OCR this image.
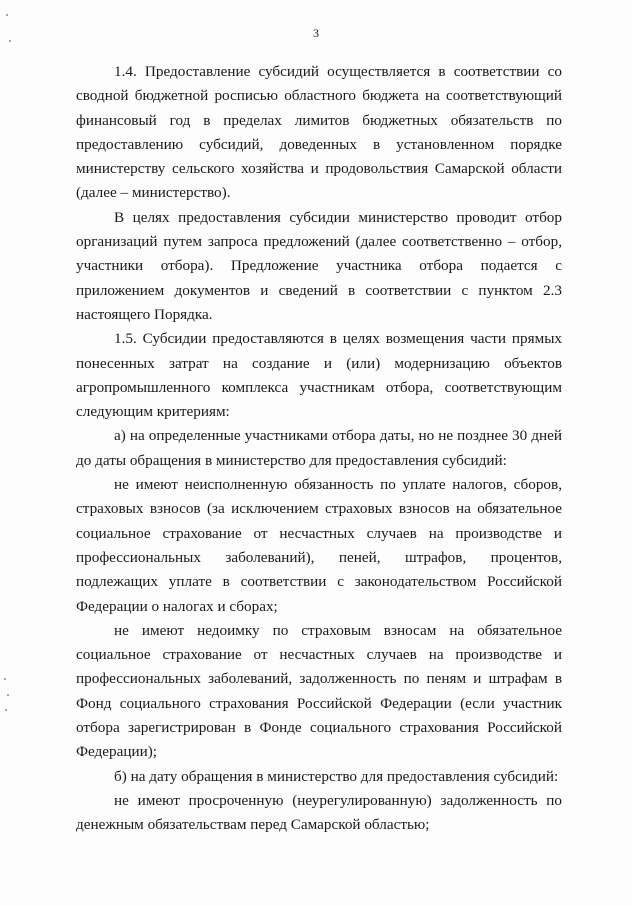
3

1.4. Предоставление субсидий осуществляется в соответствии со сводной бюджетной росписью областного бюджета на соответствующий финансовый год в пределах лимитов бюджетных обязательств по предоставлению субсидий, доведенных в установленном порядке министерству сельского хозяйства и продовольствия Самарской области (далее – министерство).

В целях предоставления субсидии министерство проводит отбор организаций путем запроса предложений (далее соответственно – отбор, участники отбора). Предложение участника отбора подается с приложением документов и сведений в соответствии с пунктом 2.3 настоящего Порядка.

1.5. Субсидии предоставляются в целях возмещения части прямых понесенных затрат на создание и (или) модернизацию объектов агропромышленного комплекса участникам отбора, соответствующим следующим критериям:

а) на определенные участниками отбора даты, но не позднее 30 дней до даты обращения в министерство для предоставления субсидий:

не имеют неисполненную обязанность по уплате налогов, сборов, страховых взносов (за исключением страховых взносов на обязательное социальное страхование от несчастных случаев на производстве и профессиональных заболеваний), пеней, штрафов, процентов, подлежащих уплате в соответствии с законодательством Российской Федерации о налогах и сборах;

не имеют недоимку по страховым взносам на обязательное социальное страхование от несчастных случаев на производстве и профессиональных заболеваний, задолженность по пеням и штрафам в Фонд социального страхования Российской Федерации (если участник отбора зарегистрирован в Фонде социального страхования Российской Федерации);

б) на дату обращения в министерство для предоставления субсидий:

не имеют просроченную (неурегулированную) задолженность по денежным обязательствам перед Самарской областью;
